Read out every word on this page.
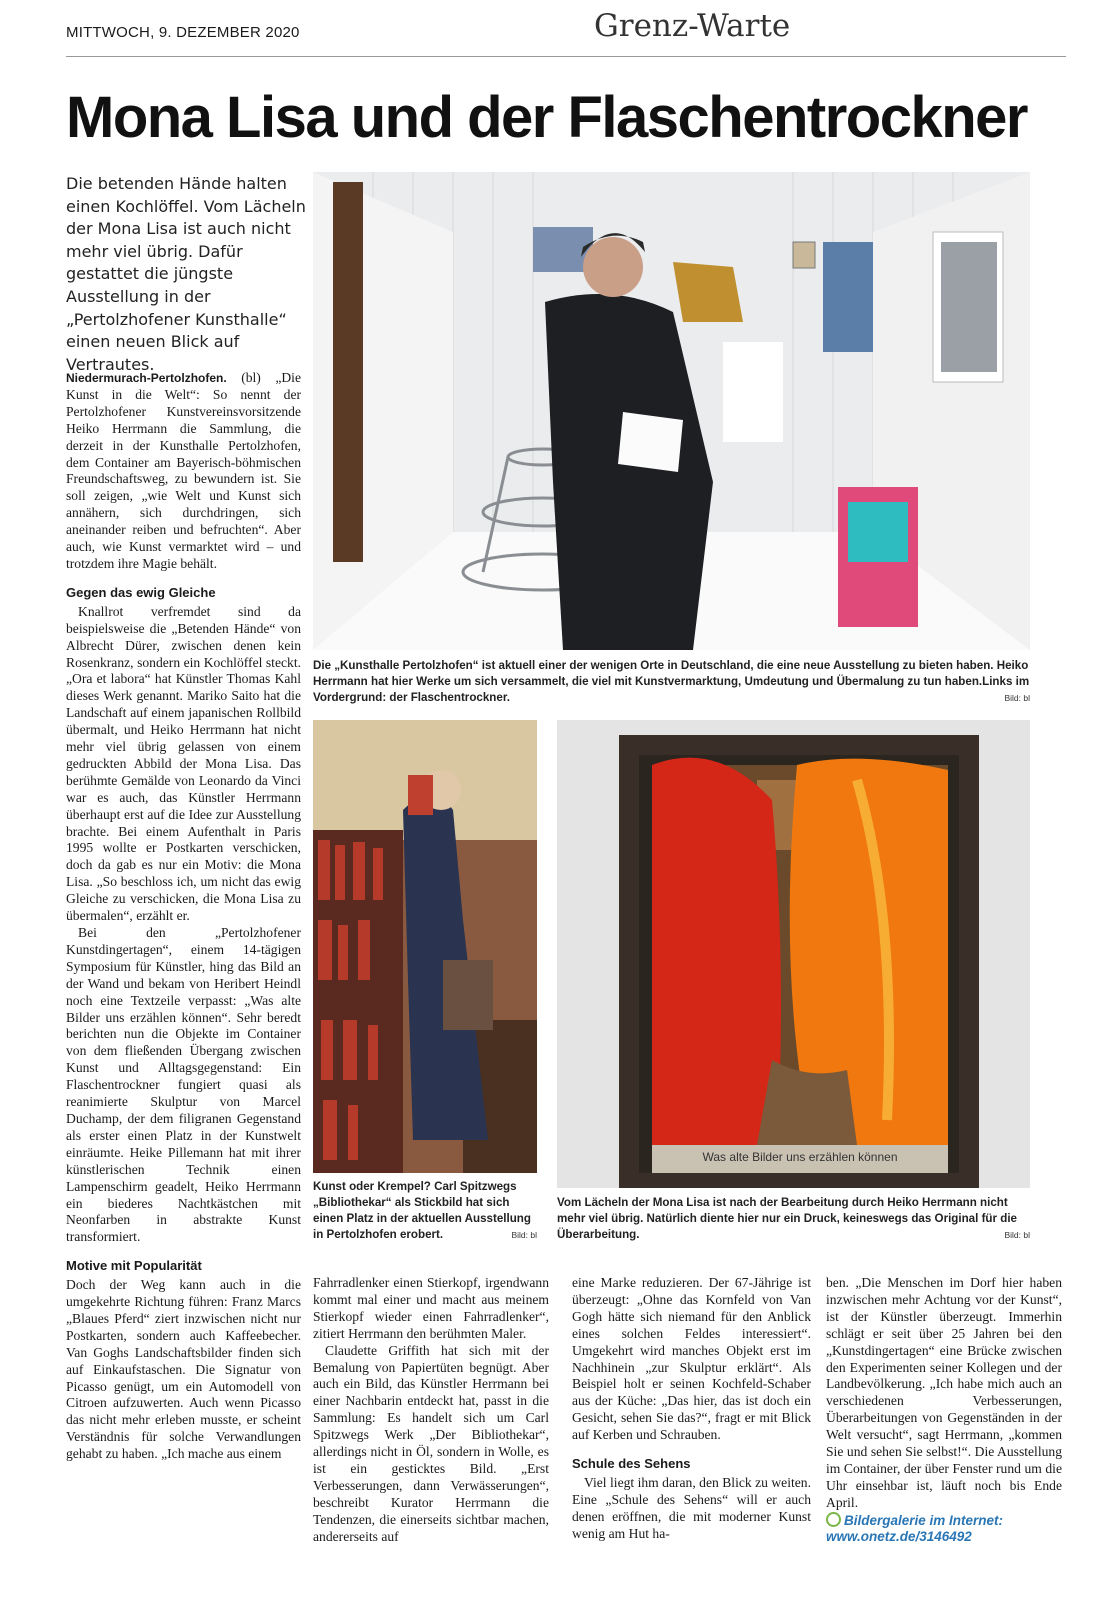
MITTWOCH, 9. DEZEMBER 2020	Grenz-Warte
Mona Lisa und der Flaschentrockner
Die betenden Hände halten einen Kochlöffel. Vom Lächeln der Mona Lisa ist auch nicht mehr viel übrig. Dafür gestattet die jüngste Ausstellung in der „Pertolzhofener Kunsthalle“ einen neuen Blick auf Vertrautes.
Die „Kunsthalle Pertolzhofen“ ist aktuell einer der wenigen Orte in Deutschland, die eine neue Ausstellung zu bieten haben. Heiko Herrmann hat hier Werke um sich versammelt, die viel mit Kunstvermarktung, Umdeutung und Übermalung zu tun haben.Links im Vordergrund: der Flaschentrockner.	Bild: bl
Kunst oder Krempel? Carl Spitzwegs „Bibliothekar“ als Stickbild hat sich einen Platz in der aktuellen Ausstellung in Pertolzhofen erobert.	Bild: bl
Was alte Bilder uns erzählen können
Vom Lächeln der Mona Lisa ist nach der Bearbeitung durch Heiko Herrmann nicht mehr viel übrig. Natürlich diente hier nur ein Druck, keineswegs das Original für die Überarbeitung.	Bild: bl

Niedermurach-Pertolzhofen. (bl) „Die Kunst in die Welt“: So nennt der Pertolzhofener Kunstvereinsvorsitzende Heiko Herrmann die Sammlung, die derzeit in der Kunsthalle Pertolzhofen, dem Container am Bayerisch-böhmischen Freundschaftsweg, zu bewundern ist. Sie soll zeigen, „wie Welt und Kunst sich annähern, sich durchdringen, sich aneinander reiben und befruchten“. Aber auch, wie Kunst vermarktet wird – und trotzdem ihre Magie behält.

Gegen das ewig Gleiche

Knallrot verfremdet sind da beispielsweise die „Betenden Hände“ von Albrecht Dürer, zwischen denen kein Rosenkranz, sondern ein Kochlöffel steckt. „Ora et labora“ hat Künstler Thomas Kahl dieses Werk genannt. Mariko Saito hat die Landschaft auf einem japanischen Rollbild übermalt, und Heiko Herrmann hat nicht mehr viel übrig gelassen von einem gedruckten Abbild der Mona Lisa. Das berühmte Gemälde von Leonardo da Vinci war es auch, das Künstler Herrmann überhaupt erst auf die Idee zur Ausstellung brachte. Bei einem Aufenthalt in Paris 1995 wollte er Postkarten verschicken, doch da gab es nur ein Motiv: die Mona Lisa. „So beschloss ich, um nicht das ewig Gleiche zu verschicken, die Mona Lisa zu übermalen“, erzählt er.

Bei den „Pertolzhofener Kunstdingertagen“, einem 14-tägigen Symposium für Künstler, hing das Bild an der Wand und bekam von Heribert Heindl noch eine Textzeile verpasst: „Was alte Bilder uns erzählen können“. Sehr beredt berichten nun die Objekte im Container von dem fließenden Übergang zwischen Kunst und Alltagsgegenstand: Ein Flaschentrockner fungiert quasi als reanimierte Skulptur von Marcel Duchamp, der dem filigranen Gegenstand als erster einen Platz in der Kunstwelt einräumte. Heike Pillemann hat mit ihrer künstlerischen Technik einen Lampenschirm geadelt, Heiko Herrmann ein biederes Nachtkästchen mit Neonfarben in abstrakte Kunst transformiert.

Motive mit Popularität

Doch der Weg kann auch in die umgekehrte Richtung führen: Franz Marcs „Blaues Pferd“ ziert inzwischen nicht nur Postkarten, sondern auch Kaffeebecher. Van Goghs Landschaftsbilder finden sich auf Einkaufstaschen. Die Signatur von Picasso genügt, um ein Automodell von Citroen aufzuwerten. Auch wenn Picasso das nicht mehr erleben musste, er scheint Verständnis für solche Verwandlungen gehabt zu haben. „Ich mache aus einem

Fahrradlenker einen Stierkopf, irgendwann kommt mal einer und macht aus meinem Stierkopf wieder einen Fahrradlenker“, zitiert Herrmann den berühmten Maler.

Claudette Griffith hat sich mit der Bemalung von Papiertüten begnügt. Aber auch ein Bild, das Künstler Herrmann bei einer Nachbarin entdeckt hat, passt in die Sammlung: Es handelt sich um Carl Spitzwegs Werk „Der Bibliothekar“, allerdings nicht in Öl, sondern in Wolle, es ist ein gesticktes Bild. „Erst Verbesserungen, dann Verwässerungen“, beschreibt Kurator Herrmann die Tendenzen, die einerseits sichtbar machen, andererseits auf

eine Marke reduzieren. Der 67-Jährige ist überzeugt: „Ohne das Kornfeld von Van Gogh hätte sich niemand für den Anblick eines solchen Feldes interessiert“. Umgekehrt wird manches Objekt erst im Nachhinein „zur Skulptur erklärt“. Als Beispiel holt er seinen Kochfeld-Schaber aus der Küche: „Das hier, das ist doch ein Gesicht, sehen Sie das?“, fragt er mit Blick auf Kerben und Schrauben.

Schule des Sehens

Viel liegt ihm daran, den Blick zu weiten. Eine „Schule des Sehens“ will er auch denen eröffnen, die mit moderner Kunst wenig am Hut ha-

ben. „Die Menschen im Dorf hier haben inzwischen mehr Achtung vor der Kunst“, ist der Künstler überzeugt. Immerhin schlägt er seit über 25 Jahren bei den „Kunstdingertagen“ eine Brücke zwischen den Experimenten seiner Kollegen und der Landbevölkerung. „Ich habe mich auch an verschiedenen Verbesserungen, Überarbeitungen von Gegenständen in der Welt versucht“, sagt Herrmann, „kommen Sie und sehen Sie selbst!“. Die Ausstellung im Container, der über Fenster rund um die Uhr einsehbar ist, läuft noch bis Ende April.

Bildergalerie im Internet:
www.onetz.de/3146492
